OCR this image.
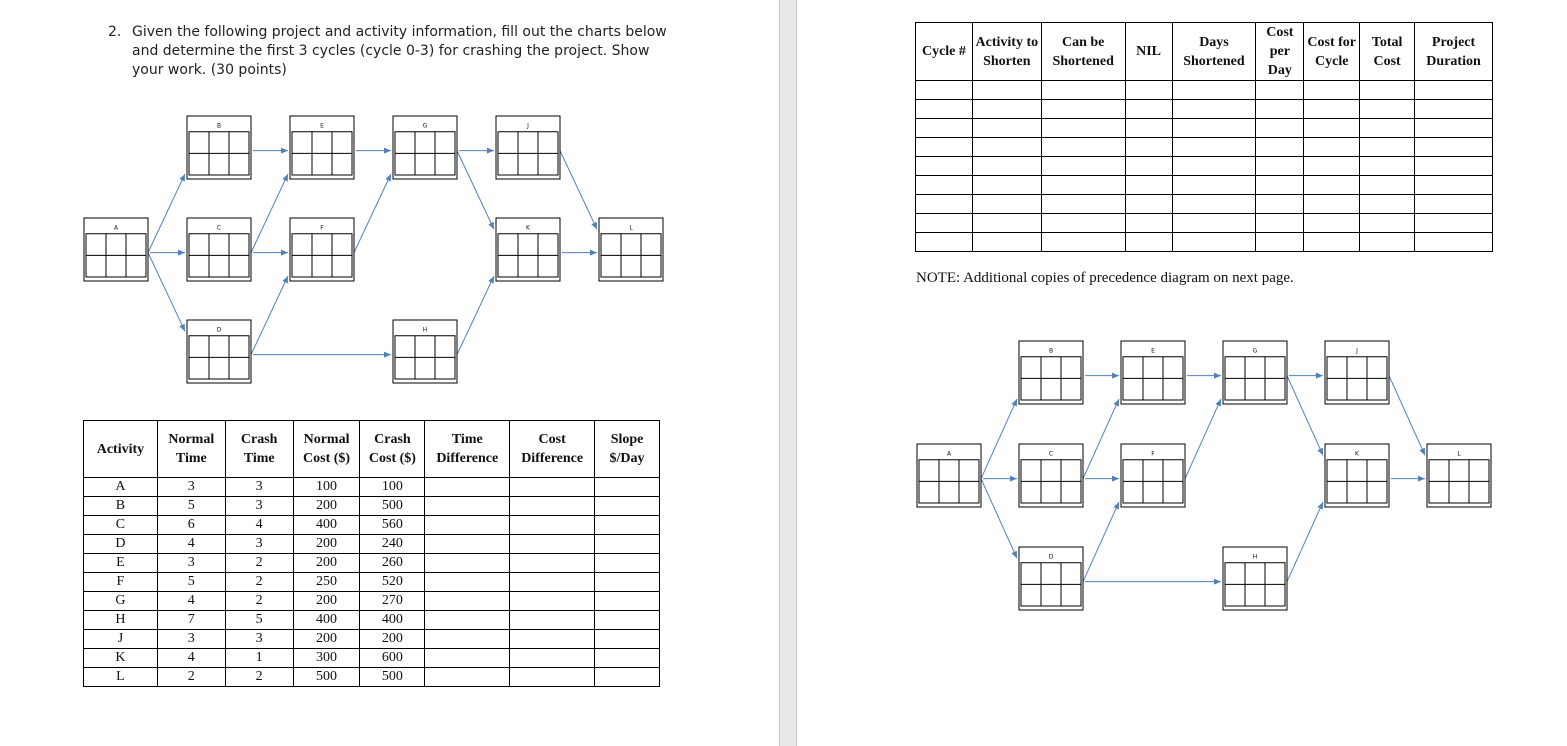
2. Given the following project and activity information, fill out the charts below and determine the first 3 cycles (cycle 0-3) for crashing the project. Show your work. (30 points)
A
B
C
D
E
F
G
H
J
K	L
Activity	Normal Time	Crash Time	Normal Cost ($)	Crash Cost ($)	Time Difference	Cost Difference	Slope $/Day
A	3	3	100	100			
B	5	3	200	500			
C	6	4	400	560			
D	4	3	200	240			
E	3	2	200	260			
F	5	2	250	520			
G	4	2	200	270			
H	7	5	400	400			
J	3	3	200	200			
K	4	1	300	600			
L	2	2	500	500			
Cycle #	Activity to Shorten	Can be Shortened	NIL	Days Shortened	Cost per Day	Cost for Cycle	Total Cost	Project Duration

NOTE: Additional copies of precedence diagram on next page.
A
B
C
D
E
F
G
H
J
K	L
